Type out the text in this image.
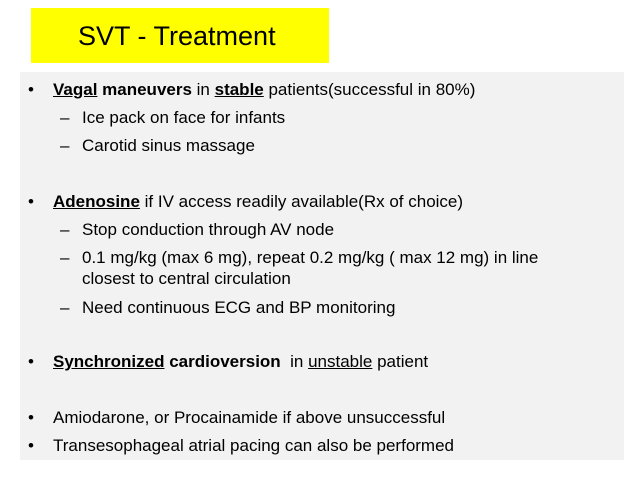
SVT - Treatment
• Vagal maneuvers in stable patients(successful in 80%)
– Ice pack on face for infants
– Carotid sinus massage
• Adenosine if IV access readily available(Rx of choice)
– Stop conduction through AV node
– 0.1 mg/kg (max 6 mg), repeat 0.2 mg/kg ( max 12 mg) in line
closest to central circulation
– Need continuous ECG and BP monitoring
• Synchronized cardioversion  in unstable patient
• Amiodarone, or Procainamide if above unsuccessful
• Transesophageal atrial pacing can also be performed
